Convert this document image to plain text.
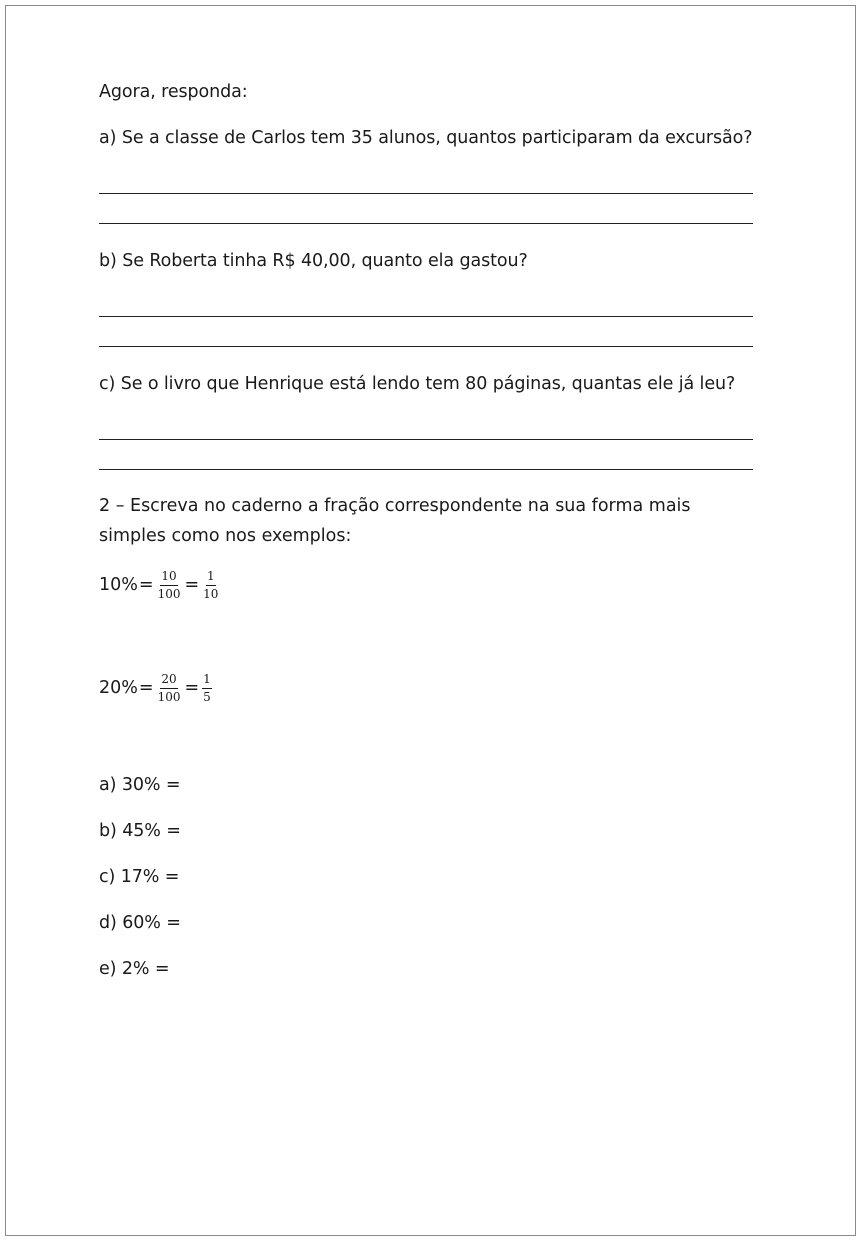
Agora, responda:
a) Se a classe de Carlos tem 35 alunos, quantos participaram da excursão?
b) Se Roberta tinha R$ 40,00, quanto ela gastou?
c) Se o livro que Henrique está lendo tem 80 páginas, quantas ele já leu?
2 – Escreva no caderno a fração correspondente na sua forma mais simples como nos exemplos:
$10\% = \frac{10}{100} = \frac{1}{10}$
$20\% = \frac{20}{100} = \frac{1}{5}$
a) 30% =
b) 45% =
c) 17% =
d) 60% =
e) 2% =
